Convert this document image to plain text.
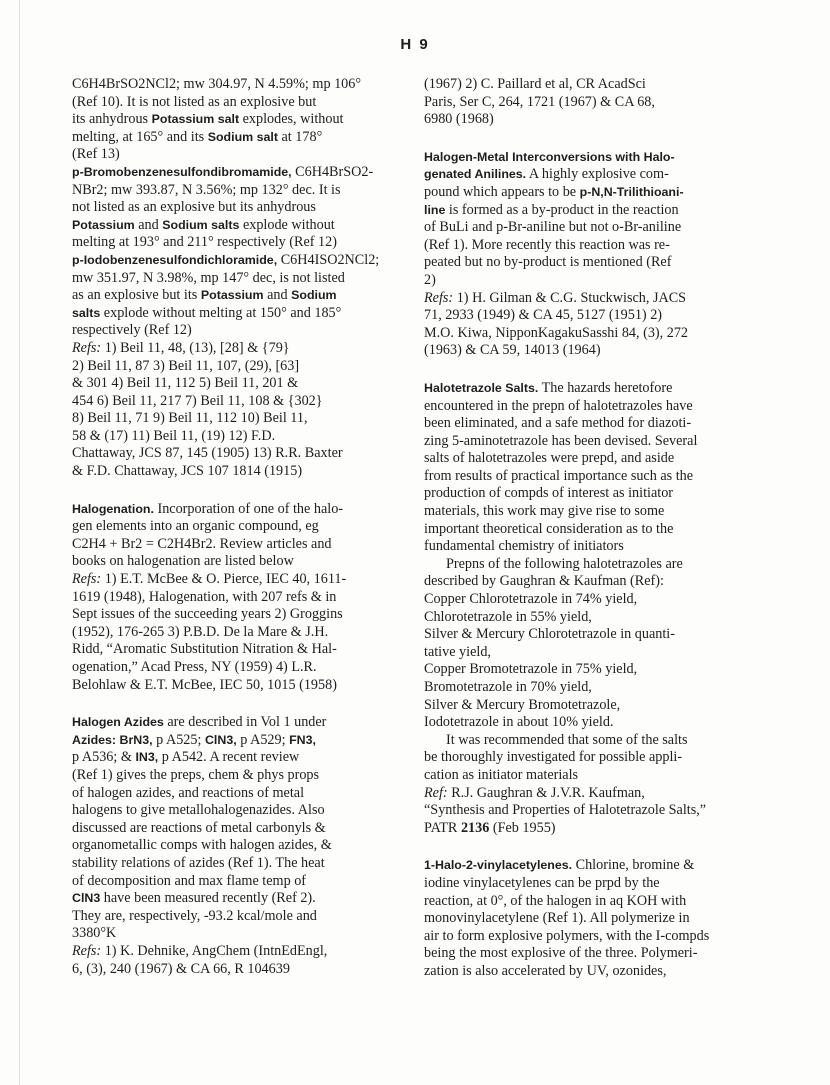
H 9
C6H4BrSO2NCl2; mw 304.97, N 4.59%; mp 106°
(Ref 10). It is not listed as an explosive but
its anhydrous Potassium salt explodes, without
melting, at 165° and its Sodium salt at 178°
(Ref 13)
p-Bromobenzenesulfondibromamide, C6H4BrSO2-
NBr2; mw 393.87, N 3.56%; mp 132° dec. It is
not listed as an explosive but its anhydrous
Potassium and Sodium salts explode without
melting at 193° and 211° respectively (Ref 12)
p-Iodobenzenesulfondichloramide, C6H4ISO2NCl2;
mw 351.97, N 3.98%, mp 147° dec, is not listed
as an explosive but its Potassium and Sodium
salts explode without melting at 150° and 185°
respectively (Ref 12)
Refs: 1) Beil 11, 48, (13), [28] & {79}
2) Beil 11, 87 3) Beil 11, 107, (29), [63]
& 301 4) Beil 11, 112 5) Beil 11, 201 &
454 6) Beil 11, 217 7) Beil 11, 108 & {302}
8) Beil 11, 71 9) Beil 11, 112 10) Beil 11,
58 & (17) 11) Beil 11, (19) 12) F.D.
Chattaway, JCS 87, 145 (1905) 13) R.R. Baxter
& F.D. Chattaway, JCS 107 1814 (1915)
Halogenation. Incorporation of one of the halo-
gen elements into an organic compound, eg
C2H4 + Br2 = C2H4Br2. Review articles and
books on halogenation are listed below
Refs: 1) E.T. McBee & O. Pierce, IEC 40, 1611-
1619 (1948), Halogenation, with 207 refs & in
Sept issues of the succeeding years 2) Groggins
(1952), 176-265 3) P.B.D. De la Mare & J.H.
Ridd, “Aromatic Substitution Nitration & Hal-
ogenation,” Acad Press, NY (1959) 4) L.R.
Belohlaw & E.T. McBee, IEC 50, 1015 (1958)
Halogen Azides are described in Vol 1 under
Azides: BrN3, p A525; ClN3, p A529; FN3,
p A536; & IN3, p A542. A recent review
(Ref 1) gives the preps, chem & phys props
of halogen azides, and reactions of metal
halogens to give metallohalogenazides. Also
discussed are reactions of metal carbonyls &
organometallic comps with halogen azides, &
stability relations of azides (Ref 1). The heat
of decomposition and max flame temp of
ClN3 have been measured recently (Ref 2).
They are, respectively, -93.2 kcal/mole and
3380°K
Refs: 1) K. Dehnike, AngChem (IntnEdEngl,
6, (3), 240 (1967) & CA 66, R 104639
(1967) 2) C. Paillard et al, CR AcadSci
Paris, Ser C, 264, 1721 (1967) & CA 68,
6980 (1968)
Halogen-Metal Interconversions with Halo-
genated Anilines. A highly explosive com-
pound which appears to be p-N,N-Trilithioani-
line is formed as a by-product in the reaction
of BuLi and p-Br-aniline but not o-Br-aniline
(Ref 1). More recently this reaction was re-
peated but no by-product is mentioned (Ref
2)
Refs: 1) H. Gilman & C.G. Stuckwisch, JACS
71, 2933 (1949) & CA 45, 5127 (1951) 2)
M.O. Kiwa, NipponKagakuSasshi 84, (3), 272
(1963) & CA 59, 14013 (1964)
Halotetrazole Salts. The hazards heretofore
encountered in the prepn of halotetrazoles have
been eliminated, and a safe method for diazoti-
zing 5-aminotetrazole has been devised. Several
salts of halotetrazoles were prepd, and aside
from results of practical importance such as the
production of compds of interest as initiator
materials, this work may give rise to some
important theoretical consideration as to the
fundamental chemistry of initiators
Prepns of the following halotetrazoles are
described by Gaughran & Kaufman (Ref):
Copper Chlorotetrazole in 74% yield,
Chlorotetrazole in 55% yield,
Silver & Mercury Chlorotetrazole in quanti-
tative yield,
Copper Bromotetrazole in 75% yield,
Bromotetrazole in 70% yield,
Silver & Mercury Bromotetrazole,
Iodotetrazole in about 10% yield.
It was recommended that some of the salts
be thoroughly investigated for possible appli-
cation as initiator materials
Ref: R.J. Gaughran & J.V.R. Kaufman,
“Synthesis and Properties of Halotetrazole Salts,”
PATR 2136 (Feb 1955)
1-Halo-2-vinylacetylenes. Chlorine, bromine &
iodine vinylacetylenes can be prpd by the
reaction, at 0°, of the halogen in aq KOH with
monovinylacetylene (Ref 1). All polymerize in
air to form explosive polymers, with the I-compds
being the most explosive of the three. Polymeri-
zation is also accelerated by UV, ozonides,
